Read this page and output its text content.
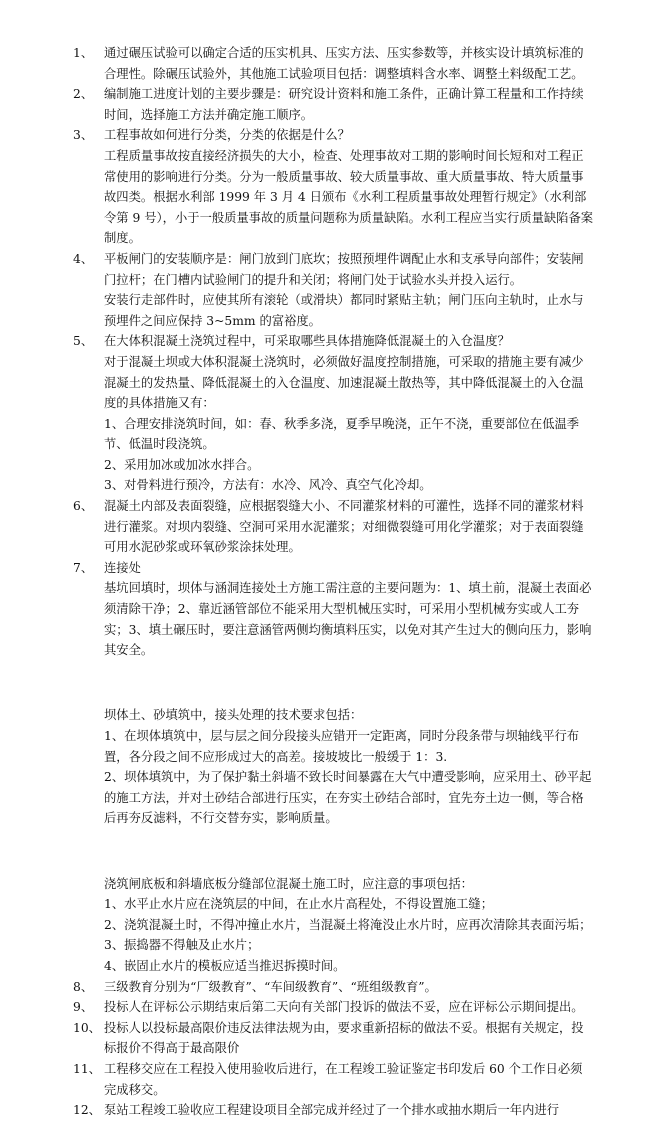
1、 通过碾压试验可以确定合适的压实机具、压实方法、压实参数等，并核实设计填筑标准的合理性。除碾压试验外，其他施工试验项目包括：调整填料含水率、调整土料级配工艺。

2、 编制施工进度计划的主要步骤是：研究设计资料和施工条件，正确计算工程量和工作持续时间，选择施工方法并确定施工顺序。

3、 工程事故如何进行分类，分类的依据是什么？

工程质量事故按直接经济损失的大小，检查、处理事故对工期的影响时间长短和对工程正常使用的影响进行分类。分为一般质量事故、较大质量事故、重大质量事故、特大质量事故四类。根据水利部 1999 年 3 月 4 日颁布《水利工程质量事故处理暂行规定》（水利部令第 9 号），小于一般质量事故的质量问题称为质量缺陷。水利工程应当实行质量缺陷备案制度。

4、 平板闸门的安装顺序是：闸门放到门底坎；按照预埋件调配止水和支承导向部件；安装闸门拉杆；在门槽内试验闸门的提升和关闭；将闸门处于试验水头并投入运行。

安装行走部件时，应使其所有滚轮（或滑块）都同时紧贴主轨；闸门压向主轨时，止水与预埋件之间应保持 3~5mm 的富裕度。

5、 在大体积混凝土浇筑过程中，可采取哪些具体措施降低混凝土的入仓温度？

对于混凝土坝或大体积混凝土浇筑时，必须做好温度控制措施，可采取的措施主要有减少混凝土的发热量、降低混凝土的入仓温度、加速混凝土散热等，其中降低混凝土的入仓温度的具体措施又有：

1、合理安排浇筑时间，如：春、秋季多浇，夏季早晚浇，正午不浇，重要部位在低温季节、低温时段浇筑。

2、采用加冰或加冰水拌合。

3、对骨料进行预冷，方法有：水冷、风冷、真空气化冷却。

6、 混凝土内部及表面裂缝，应根据裂缝大小、不同灌浆材料的可灌性，选择不同的灌浆材料进行灌浆。对坝内裂缝、空洞可采用水泥灌浆；对细微裂缝可用化学灌浆；对于表面裂缝可用水泥砂浆或环氧砂浆涂抹处理。

7、 连接处

基坑回填时，坝体与涵洞连接处土方施工需注意的主要问题为：1、填土前，混凝土表面必须清除干净；2、靠近涵管部位不能采用大型机械压实时，可采用小型机械夯实或人工夯实；3、填土碾压时，要注意涵管两侧均衡填料压实，以免对其产生过大的侧向压力，影响其安全。

坝体土、砂填筑中，接头处理的技术要求包括：

1、在坝体填筑中，层与层之间分段接头应错开一定距离，同时分段条带与坝轴线平行布置，各分段之间不应形成过大的高差。接坡坡比一般缓于 1：3.

2、坝体填筑中，为了保护黏土斜墙不致长时间暴露在大气中遭受影响，应采用土、砂平起的施工方法，并对土砂结合部进行压实，在夯实土砂结合部时，宜先夯土边一侧，等合格后再夯反滤料，不行交替夯实，影响质量。

浇筑闸底板和斜墙底板分缝部位混凝土施工时，应注意的事项包括：

1、水平止水片应在浇筑层的中间，在止水片高程处，不得设置施工缝；

2、浇筑混凝土时，不得冲撞止水片，当混凝土将淹没止水片时，应再次清除其表面污垢；

3、振捣器不得触及止水片；

4、嵌固止水片的模板应适当推迟拆摸时间。

8、 三级教育分别为“厂级教育”、“车间级教育”、“班组级教育”。

9、 投标人在评标公示期结束后第二天向有关部门投诉的做法不妥，应在评标公示期间提出。

10、 投标人以投标最高限价违反法律法规为由，要求重新招标的做法不妥。根据有关规定，投标报价不得高于最高限价

11、 工程移交应在工程投入使用验收后进行，在工程竣工验证鉴定书印发后 60 个工作日必须完成移交。

12、 泵站工程竣工验收应工程建设项目全部完成并经过了一个排水或抽水期后一年内进行
